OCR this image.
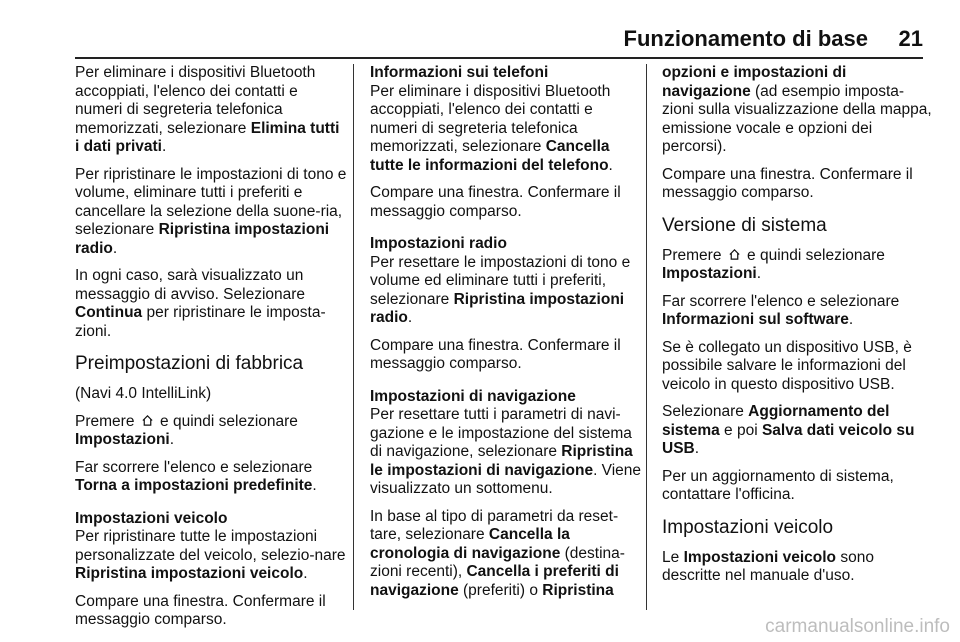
Funzionamento di base 21

Per eliminare i dispositivi Bluetooth accoppiati, l'elenco dei contatti e numeri di segreteria telefonica memorizzati, selezionare Elimina tutti i dati privati.

Per ripristinare le impostazioni di tono e volume, eliminare tutti i preferiti e cancellare la selezione della suone-ria, selezionare Ripristina impostazioni radio.

In ogni caso, sarà visualizzato un messaggio di avviso. Selezionare Continua per ripristinare le imposta-zioni.

Preimpostazioni di fabbrica

(Navi 4.0 IntelliLink)

Premere  e quindi selezionare Impostazioni.

Far scorrere l'elenco e selezionare Torna a impostazioni predefinite.

Impostazioni veicolo

Per ripristinare tutte le impostazioni personalizzate del veicolo, selezio-nare Ripristina impostazioni veicolo.

Compare una finestra. Confermare il messaggio comparso.

Informazioni sui telefoni

Per eliminare i dispositivi Bluetooth accoppiati, l'elenco dei contatti e numeri di segreteria telefonica memorizzati, selezionare Cancella tutte le informazioni del telefono.

Compare una finestra. Confermare il messaggio comparso.

Impostazioni radio

Per resettare le impostazioni di tono e volume ed eliminare tutti i preferiti, selezionare Ripristina impostazioni radio.

Compare una finestra. Confermare il messaggio comparso.

Impostazioni di navigazione

Per resettare tutti i parametri di navi-gazione e le impostazione del sistema di navigazione, selezionare Ripristina le impostazioni di navigazione. Viene visualizzato un sottomenu.

In base al tipo di parametri da reset-tare, selezionare Cancella la cronologia di navigazione (destina-zioni recenti), Cancella i preferiti di navigazione (preferiti) o Ripristina

opzioni e impostazioni di navigazione (ad esempio imposta-zioni sulla visualizzazione della mappa, emissione vocale e opzioni dei percorsi).

Compare una finestra. Confermare il messaggio comparso.

Versione di sistema

Premere  e quindi selezionare Impostazioni.

Far scorrere l'elenco e selezionare Informazioni sul software.

Se è collegato un dispositivo USB, è possibile salvare le informazioni del veicolo in questo dispositivo USB.

Selezionare Aggiornamento del sistema e poi Salva dati veicolo su USB.

Per un aggiornamento di sistema, contattare l'officina.

Impostazioni veicolo

Le Impostazioni veicolo sono descritte nel manuale d'uso.

carmanualsonline.info
